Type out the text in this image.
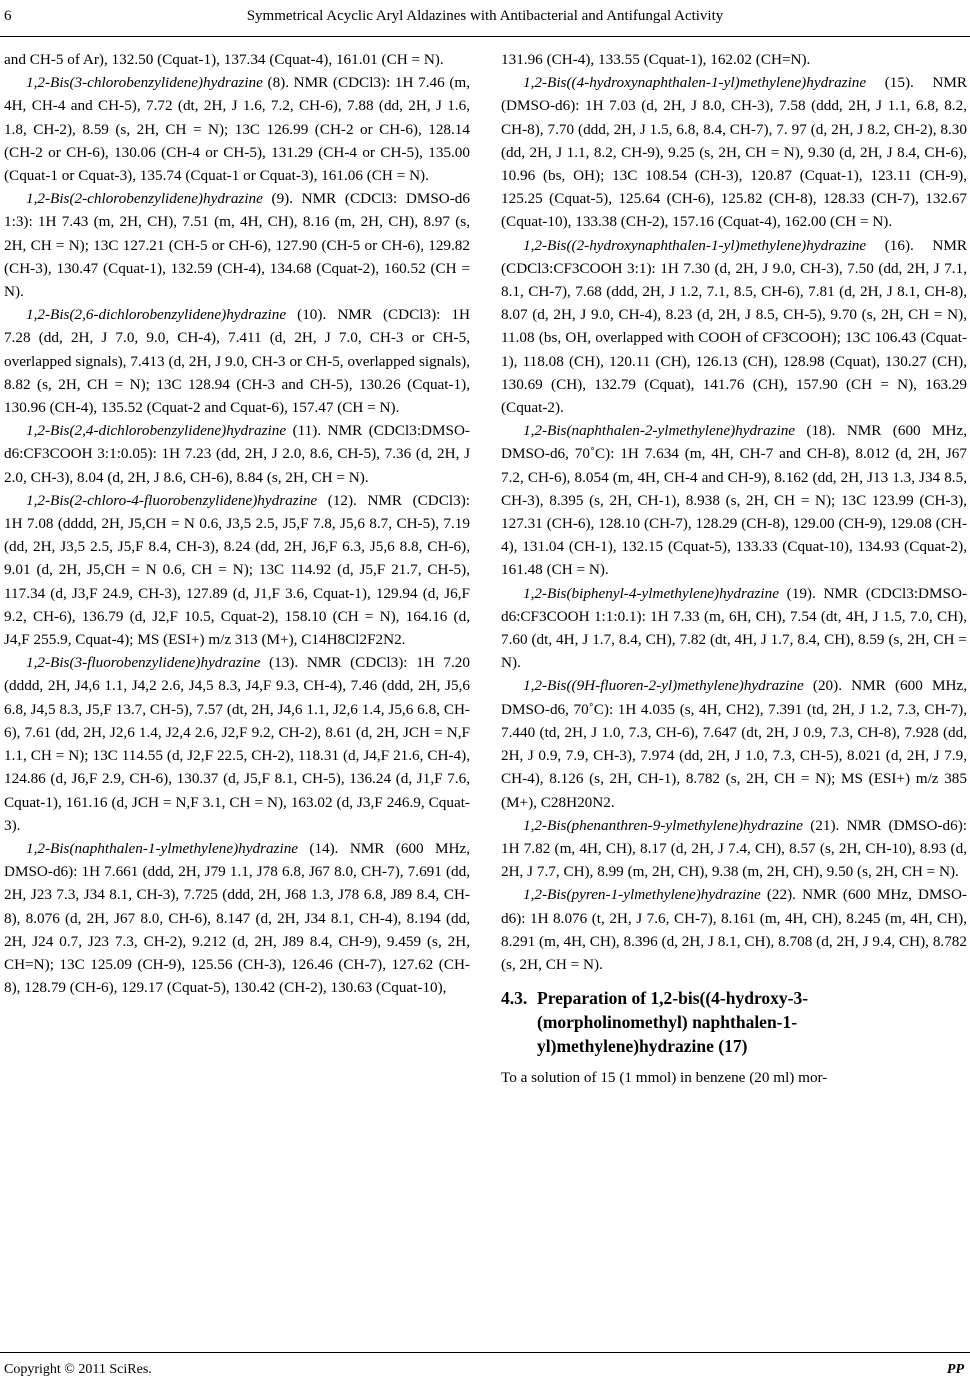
6	Symmetrical Acyclic Aryl Aldazines with Antibacterial and Antifungal Activity

and CH-5 of Ar), 132.50 (Cquat-1), 137.34 (Cquat-4), 161.01 (CH = N).

1,2-Bis(3-chlorobenzylidene)hydrazine (8). NMR (CDCl3): 1H 7.46 (m, 4H, CH-4 and CH-5), 7.72 (dt, 2H, J 1.6, 7.2, CH-6), 7.88 (dd, 2H, J 1.6, 1.8, CH-2), 8.59 (s, 2H, CH = N); 13C 126.99 (CH-2 or CH-6), 128.14 (CH-2 or CH-6), 130.06 (CH-4 or CH-5), 131.29 (CH-4 or CH-5), 135.00 (Cquat-1 or Cquat-3), 135.74 (Cquat-1 or Cquat-3), 161.06 (CH = N).

1,2-Bis(2-chlorobenzylidene)hydrazine (9). NMR (CDCl3: DMSO-d6 1:3): 1H 7.43 (m, 2H, CH), 7.51 (m, 4H, CH), 8.16 (m, 2H, CH), 8.97 (s, 2H, CH = N); 13C 127.21 (CH-5 or CH-6), 127.90 (CH-5 or CH-6), 129.82 (CH-3), 130.47 (Cquat-1), 132.59 (CH-4), 134.68 (Cquat-2), 160.52 (CH = N).

1,2-Bis(2,6-dichlorobenzylidene)hydrazine (10). NMR (CDCl3): 1H 7.28 (dd, 2H, J 7.0, 9.0, CH-4), 7.411 (d, 2H, J 7.0, CH-3 or CH-5, overlapped signals), 7.413 (d, 2H, J 9.0, CH-3 or CH-5, overlapped signals), 8.82 (s, 2H, CH = N); 13C 128.94 (CH-3 and CH-5), 130.26 (Cquat-1), 130.96 (CH-4), 135.52 (Cquat-2 and Cquat-6), 157.47 (CH = N).

1,2-Bis(2,4-dichlorobenzylidene)hydrazine (11). NMR (CDCl3:DMSO-d6:CF3COOH 3:1:0.05): 1H 7.23 (dd, 2H, J 2.0, 8.6, CH-5), 7.36 (d, 2H, J 2.0, CH-3), 8.04 (d, 2H, J 8.6, CH-6), 8.84 (s, 2H, CH = N).

1,2-Bis(2-chloro-4-fluorobenzylidene)hydrazine (12). NMR (CDCl3): 1H 7.08 (dddd, 2H, J5,CH = N 0.6, J3,5 2.5, J5,F 7.8, J5,6 8.7, CH-5), 7.19 (dd, 2H, J3,5 2.5, J5,F 8.4, CH-3), 8.24 (dd, 2H, J6,F 6.3, J5,6 8.8, CH-6), 9.01 (d, 2H, J5,CH = N 0.6, CH = N); 13C 114.92 (d, J5,F 21.7, CH-5), 117.34 (d, J3,F 24.9, CH-3), 127.89 (d, J1,F 3.6, Cquat-1), 129.94 (d, J6,F 9.2, CH-6), 136.79 (d, J2,F 10.5, Cquat-2), 158.10 (CH = N), 164.16 (d, J4,F 255.9, Cquat-4); MS (ESI+) m/z 313 (M+), C14H8Cl2F2N2.

1,2-Bis(3-fluorobenzylidene)hydrazine (13). NMR (CDCl3): 1H 7.20 (dddd, 2H, J4,6 1.1, J4,2 2.6, J4,5 8.3, J4,F 9.3, CH-4), 7.46 (ddd, 2H, J5,6 6.8, J4,5 8.3, J5,F 13.7, CH-5), 7.57 (dt, 2H, J4,6 1.1, J2,6 1.4, J5,6 6.8, CH-6), 7.61 (dd, 2H, J2,6 1.4, J2,4 2.6, J2,F 9.2, CH-2), 8.61 (d, 2H, JCH = N,F 1.1, CH = N); 13C 114.55 (d, J2,F 22.5, CH-2), 118.31 (d, J4,F 21.6, CH-4), 124.86 (d, J6,F 2.9, CH-6), 130.37 (d, J5,F 8.1, CH-5), 136.24 (d, J1,F 7.6, Cquat-1), 161.16 (d, JCH = N,F 3.1, CH = N), 163.02 (d, J3,F 246.9, Cquat-3).

1,2-Bis(naphthalen-1-ylmethylene)hydrazine (14). NMR (600 MHz, DMSO-d6): 1H 7.661 (ddd, 2H, J79 1.1, J78 6.8, J67 8.0, CH-7), 7.691 (dd, 2H, J23 7.3, J34 8.1, CH-3), 7.725 (ddd, 2H, J68 1.3, J78 6.8, J89 8.4, CH-8), 8.076 (d, 2H, J67 8.0, CH-6), 8.147 (d, 2H, J34 8.1, CH-4), 8.194 (dd, 2H, J24 0.7, J23 7.3, CH-2), 9.212 (d, 2H, J89 8.4, CH-9), 9.459 (s, 2H, CH=N); 13C 125.09 (CH-9), 125.56 (CH-3), 126.46 (CH-7), 127.62 (CH-8), 128.79 (CH-6), 129.17 (Cquat-5), 130.42 (CH-2), 130.63 (Cquat-10),

131.96 (CH-4), 133.55 (Cquat-1), 162.02 (CH=N).

1,2-Bis((4-hydroxynaphthalen-1-yl)methylene)hydrazine (15). NMR (DMSO-d6): 1H 7.03 (d, 2H, J 8.0, CH-3), 7.58 (ddd, 2H, J 1.1, 6.8, 8.2, CH-8), 7.70 (ddd, 2H, J 1.5, 6.8, 8.4, CH-7), 7. 97 (d, 2H, J 8.2, CH-2), 8.30 (dd, 2H, J 1.1, 8.2, CH-9), 9.25 (s, 2H, CH = N), 9.30 (d, 2H, J 8.4, CH-6), 10.96 (bs, OH); 13C 108.54 (CH-3), 120.87 (Cquat-1), 123.11 (CH-9), 125.25 (Cquat-5), 125.64 (CH-6), 125.82 (CH-8), 128.33 (CH-7), 132.67 (Cquat-10), 133.38 (CH-2), 157.16 (Cquat-4), 162.00 (CH = N).

1,2-Bis((2-hydroxynaphthalen-1-yl)methylene)hydrazine (16). NMR (CDCl3:CF3COOH 3:1): 1H 7.30 (d, 2H, J 9.0, CH-3), 7.50 (dd, 2H, J 7.1, 8.1, CH-7), 7.68 (ddd, 2H, J 1.2, 7.1, 8.5, CH-6), 7.81 (d, 2H, J 8.1, CH-8), 8.07 (d, 2H, J 9.0, CH-4), 8.23 (d, 2H, J 8.5, CH-5), 9.70 (s, 2H, CH = N), 11.08 (bs, OH, overlapped with COOH of CF3COOH); 13C 106.43 (Cquat-1), 118.08 (CH), 120.11 (CH), 126.13 (CH), 128.98 (Cquat), 130.27 (CH), 130.69 (CH), 132.79 (Cquat), 141.76 (CH), 157.90 (CH = N), 163.29 (Cquat-2).

1,2-Bis(naphthalen-2-ylmethylene)hydrazine (18). NMR (600 MHz, DMSO-d6, 70˚C): 1H 7.634 (m, 4H, CH-7 and CH-8), 8.012 (d, 2H, J67 7.2, CH-6), 8.054 (m, 4H, CH-4 and CH-9), 8.162 (dd, 2H, J13 1.3, J34 8.5, CH-3), 8.395 (s, 2H, CH-1), 8.938 (s, 2H, CH = N); 13C 123.99 (CH-3), 127.31 (CH-6), 128.10 (CH-7), 128.29 (CH-8), 129.00 (CH-9), 129.08 (CH-4), 131.04 (CH-1), 132.15 (Cquat-5), 133.33 (Cquat-10), 134.93 (Cquat-2), 161.48 (CH = N).

1,2-Bis(biphenyl-4-ylmethylene)hydrazine (19). NMR (CDCl3:DMSO-d6:CF3COOH 1:1:0.1): 1H 7.33 (m, 6H, CH), 7.54 (dt, 4H, J 1.5, 7.0, CH), 7.60 (dt, 4H, J 1.7, 8.4, CH), 7.82 (dt, 4H, J 1.7, 8.4, CH), 8.59 (s, 2H, CH = N).

1,2-Bis((9H-fluoren-2-yl)methylene)hydrazine (20). NMR (600 MHz, DMSO-d6, 70˚C): 1H 4.035 (s, 4H, CH2), 7.391 (td, 2H, J 1.2, 7.3, CH-7), 7.440 (td, 2H, J 1.0, 7.3, CH-6), 7.647 (dt, 2H, J 0.9, 7.3, CH-8), 7.928 (dd, 2H, J 0.9, 7.9, CH-3), 7.974 (dd, 2H, J 1.0, 7.3, CH-5), 8.021 (d, 2H, J 7.9, CH-4), 8.126 (s, 2H, CH-1), 8.782 (s, 2H, CH = N); MS (ESI+) m/z 385 (M+), C28H20N2.

1,2-Bis(phenanthren-9-ylmethylene)hydrazine (21). NMR (DMSO-d6): 1H 7.82 (m, 4H, CH), 8.17 (d, 2H, J 7.4, CH), 8.57 (s, 2H, CH-10), 8.93 (d, 2H, J 7.7, CH), 8.99 (m, 2H, CH), 9.38 (m, 2H, CH), 9.50 (s, 2H, CH = N).

1,2-Bis(pyren-1-ylmethylene)hydrazine (22). NMR (600 MHz, DMSO-d6): 1H 8.076 (t, 2H, J 7.6, CH-7), 8.161 (m, 4H, CH), 8.245 (m, 4H, CH), 8.291 (m, 4H, CH), 8.396 (d, 2H, J 8.1, CH), 8.708 (d, 2H, J 9.4, CH), 8.782 (s, 2H, CH = N).

4.3. Preparation of 1,2-bis((4-hydroxy-3-(morpholinomethyl) naphthalen-1-yl)methylene)hydrazine (17)

To a solution of 15 (1 mmol) in benzene (20 ml) mor-

Copyright © 2011 SciRes.	PP
